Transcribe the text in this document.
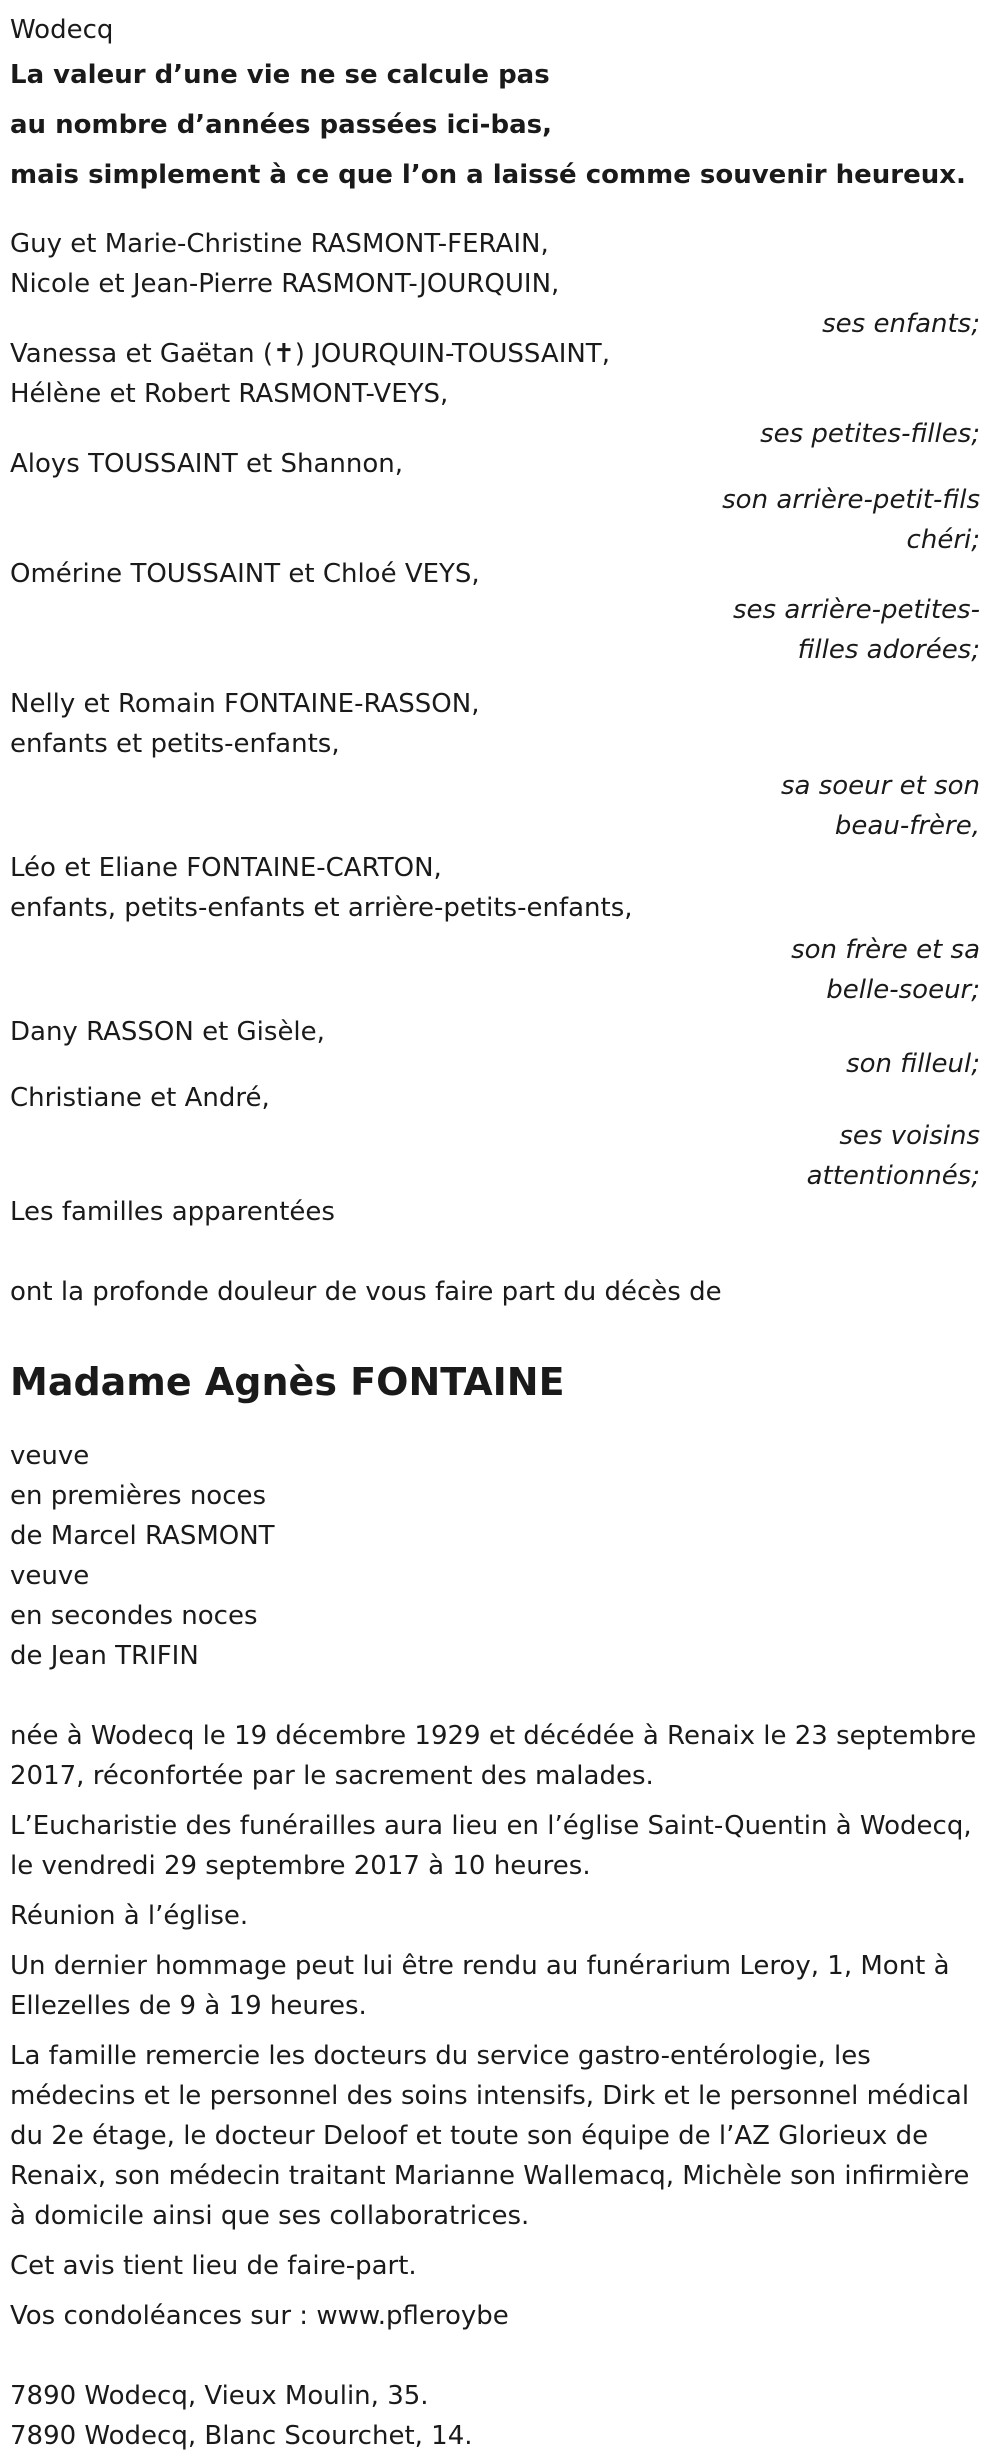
Wodecq
La valeur d’une vie ne se calcule pas
au nombre d’années passées ici-bas,
mais simplement à ce que l’on a laissé comme souvenir heureux.
Guy et Marie-Christine RASMONT-FERAIN,
Nicole et Jean-Pierre RASMONT-JOURQUIN,
ses enfants;
Vanessa et Gaëtan (✝) JOURQUIN-TOUSSAINT,
Hélène et Robert RASMONT-VEYS,
ses petites-filles;
Aloys TOUSSAINT et Shannon,
son arrière-petit-fils
chéri;
Omérine TOUSSAINT et Chloé VEYS,
ses arrière-petites-
filles adorées;
Nelly et Romain FONTAINE-RASSON,
enfants et petits-enfants,
sa soeur et son
beau-frère,
Léo et Eliane FONTAINE-CARTON,
enfants, petits-enfants et arrière-petits-enfants,
son frère et sa
belle-soeur;
Dany RASSON et Gisèle,
son filleul;
Christiane et André,
ses voisins
attentionnés;
Les familles apparentées
ont la profonde douleur de vous faire part du décès de
Madame Agnès FONTAINE
veuve
en premières noces
de Marcel RASMONT
veuve
en secondes noces
de Jean TRIFIN
née à Wodecq le 19 décembre 1929 et décédée à Renaix le 23 septembre 2017, réconfortée par le sacrement des malades.
L’Eucharistie des funérailles aura lieu en l’église Saint-Quentin à Wodecq, le vendredi 29 septembre 2017 à 10 heures.
Réunion à l’église.
Un dernier hommage peut lui être rendu au funérarium Leroy, 1, Mont à Ellezelles de 9 à 19 heures.
La famille remercie les docteurs du service gastro-entérologie, les médecins et le personnel des soins intensifs, Dirk et le personnel médical du 2e étage, le docteur Deloof et toute son équipe de l’AZ Glorieux de Renaix, son médecin traitant Marianne Wallemacq, Michèle son infirmière à domicile ainsi que ses collaboratrices.
Cet avis tient lieu de faire-part.
Vos condoléances sur : www.pfleroybe
7890 Wodecq, Vieux Moulin, 35.
7890 Wodecq, Blanc Scourchet, 14.
